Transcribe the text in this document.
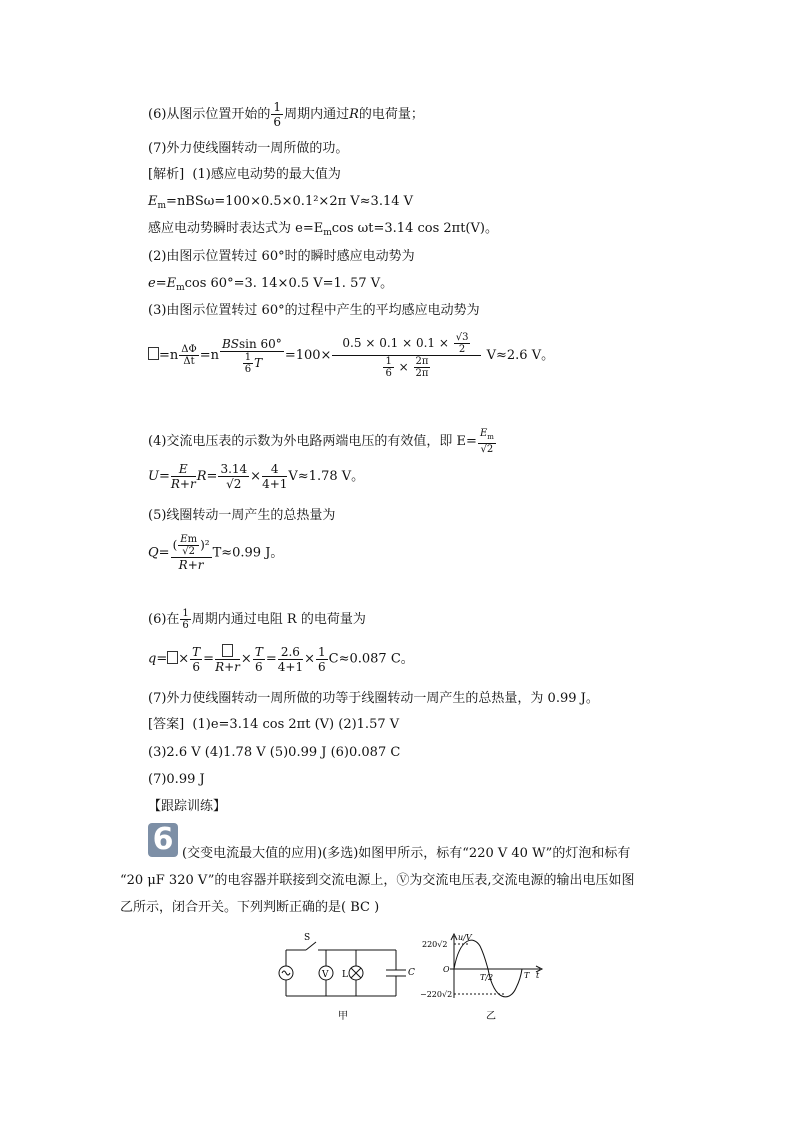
(6)从图示位置开始的 $\frac{1}{6}$ 周期内通过R的电荷量；
(7)外力使线圈转动一周所做的功。
[解析] (1)感应电动势的最大值为
$E_m=nBS\omega=100\times 0.5\times 0.1^2\times 2\pi$ V≈3.14 V
感应电动势瞬时表达式为 $e=E_m\cos$ ωt=3.14 cos 2πt(V)。
(2)由图示位置转过 60°时的瞬时感应电动势为
$e=E_m\cos$ 60°=3. 14×0.5 V=1. 57 V。
(3)由图示位置转过 60°的过程中产生的平均感应电动势为
$=n \frac{\Delta\Phi}{\Delta t} =n \frac{BSsin 60^\circ}{\frac{1}{6} T} =100\times \frac{0.5 \times 0.1 \times 0.1 \times \frac{√3}{2}}{\frac{1}{6} \times \frac{2\pi}{2\pi}} V\approx 2.6$ V。
(4)交流电压表的示数为外电路两端电压的有效值，即 $E= \frac{E_m}{√2}$
$U= \frac{E}{R+r} R= \frac{3.14}{√2} \times \frac{4}{4+1} V\approx 1.78$ V。
(5)线圈转动一周产生的总热量为
$Q= \frac{( \frac{Em}{√2} )^2}{R+r} T\approx 0.99$ J。
(6)在 $\frac{1}{6}$ 周期内通过电阻 R 的电荷量为
$q= \times \frac{T}{6}$ =
R+r
× $\frac{T}{6} = \frac{2.6}{4+1} \times \frac{1}{6} C\approx 0.087$ C。
(7)外力使线圈转动一周所做的功等于线圈转动一周产生的总热量，为 0.99 J。
[答案] (1)e=3.14 cos 2πt (V) (2)1.57 V
(3)2.6 V (4)1.78 V (5)0.99 J (6)0.087 C
(7)0.99 J
【跟踪训练】
6 (交变电流最大值的应用)(多选)如图甲所示，标有“220 V 40 W”的灯泡和标有
“20 μF 320 V”的电容器并联接到交流电源上，Ⓥ为交流电压表,交流电源的输出电压如图
乙所示，闭合开关。下列判断正确的是( BC )
S
V L	C
甲
u/V
220√2
−220√2
O
T/2	T t
乙
